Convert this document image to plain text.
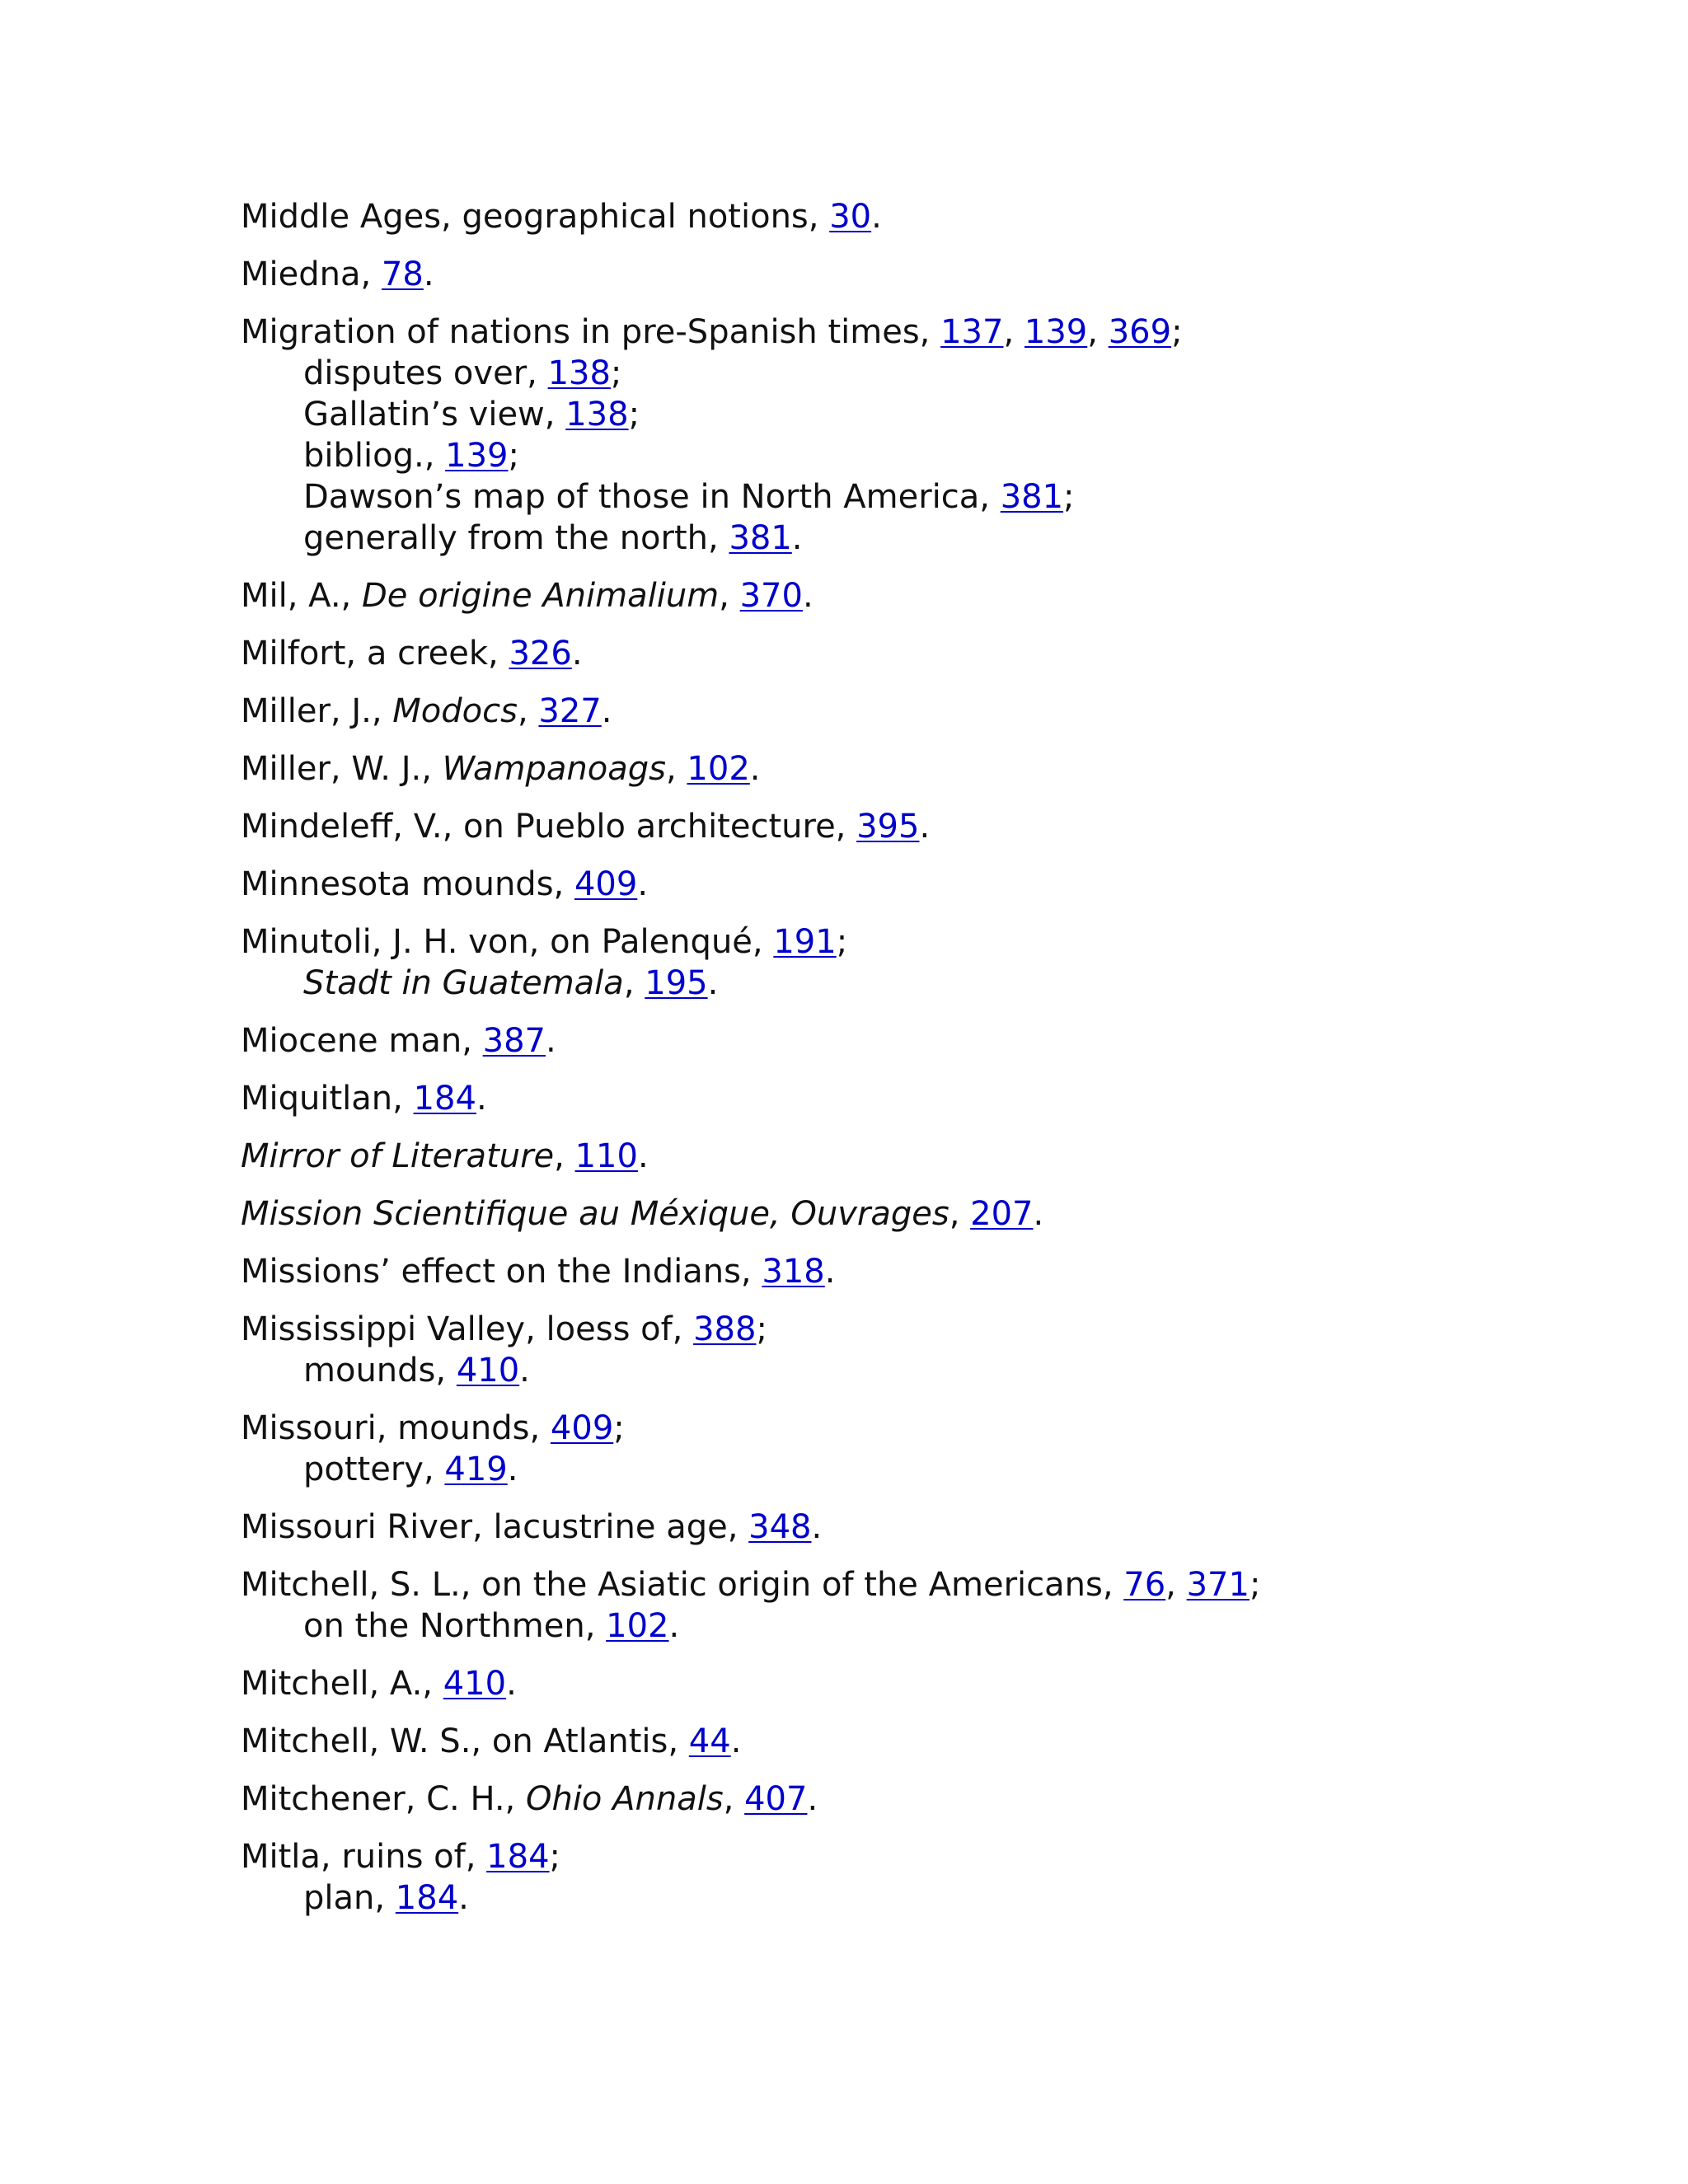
Middle Ages, geographical notions, 30.
Miedna, 78.
Migration of nations in pre-Spanish times, 137, 139, 369;
disputes over, 138;
Gallatin’s view, 138;
bibliog., 139;
Dawson’s map of those in North America, 381;
generally from the north, 381.
Mil, A., De origine Animalium, 370.
Milfort, a creek, 326.
Miller, J., Modocs, 327.
Miller, W. J., Wampanoags, 102.
Mindeleff, V., on Pueblo architecture, 395.
Minnesota mounds, 409.
Minutoli, J. H. von, on Palenqué, 191;
Stadt in Guatemala, 195.
Miocene man, 387.
Miquitlan, 184.
Mirror of Literature, 110.
Mission Scientifique au Méxique, Ouvrages, 207.
Missions’ effect on the Indians, 318.
Mississippi Valley, loess of, 388;
mounds, 410.
Missouri, mounds, 409;
pottery, 419.
Missouri River, lacustrine age, 348.
Mitchell, S. L., on the Asiatic origin of the Americans, 76, 371;
on the Northmen, 102.
Mitchell, A., 410.
Mitchell, W. S., on Atlantis, 44.
Mitchener, C. H., Ohio Annals, 407.
Mitla, ruins of, 184;
plan, 184.
